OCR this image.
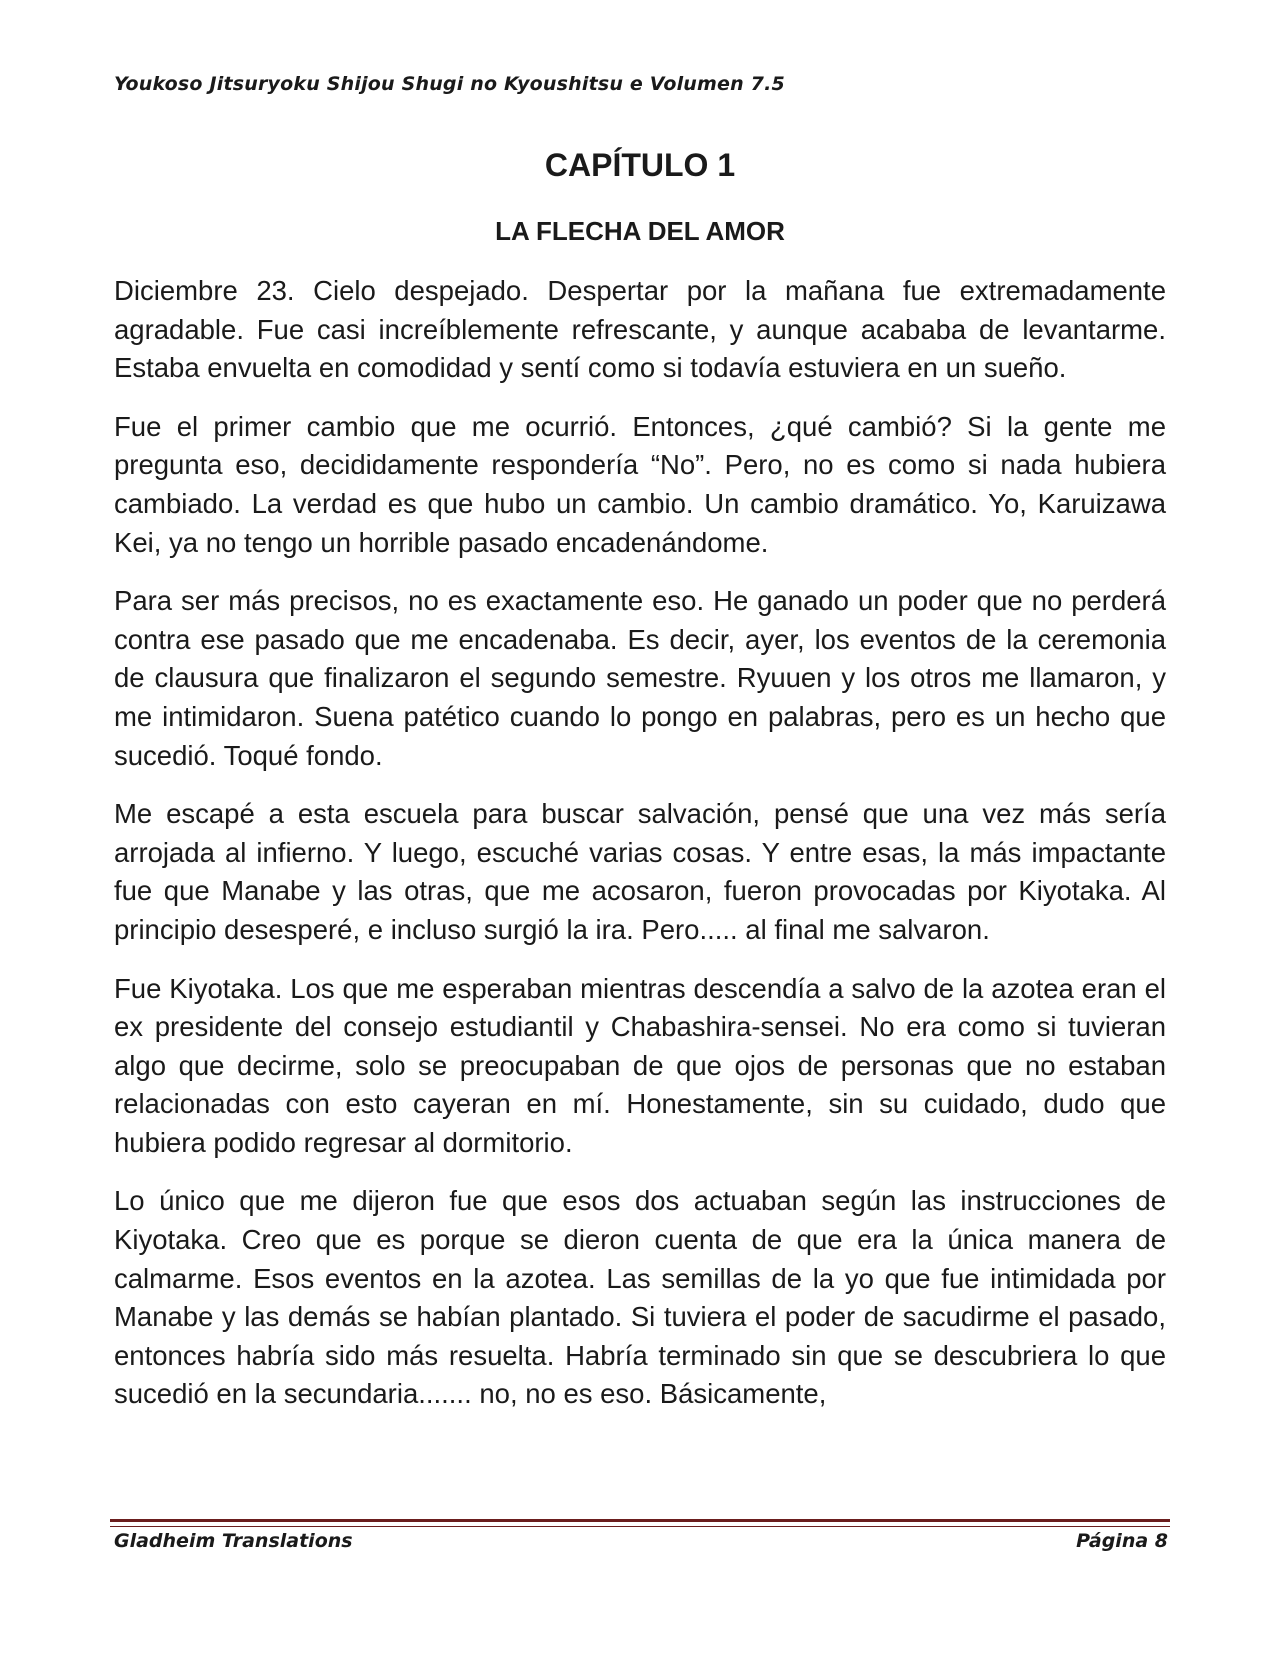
Youkoso Jitsuryoku Shijou Shugi no Kyoushitsu e Volumen 7.5
CAPÍTULO 1
LA FLECHA DEL AMOR

Diciembre 23. Cielo despejado. Despertar por la mañana fue extremadamente agradable. Fue casi increíblemente refrescante, y aunque acababa de levantarme. Estaba envuelta en comodidad y sentí como si todavía estuviera en un sueño.

Fue el primer cambio que me ocurrió. Entonces, ¿qué cambió? Si la gente me pregunta eso, decididamente respondería “No”. Pero, no es como si nada hubiera cambiado. La verdad es que hubo un cambio. Un cambio dramático. Yo, Karuizawa Kei, ya no tengo un horrible pasado encadenándome.

Para ser más precisos, no es exactamente eso. He ganado un poder que no perderá contra ese pasado que me encadenaba. Es decir, ayer, los eventos de la ceremonia de clausura que finalizaron el segundo semestre. Ryuuen y los otros me llamaron, y me intimidaron. Suena patético cuando lo pongo en palabras, pero es un hecho que sucedió. Toqué fondo.

Me escapé a esta escuela para buscar salvación, pensé que una vez más sería arrojada al infierno. Y luego, escuché varias cosas. Y entre esas, la más impactante fue que Manabe y las otras, que me acosaron, fueron provocadas por Kiyotaka. Al principio desesperé, e incluso surgió la ira. Pero..... al final me salvaron.

Fue Kiyotaka. Los que me esperaban mientras descendía a salvo de la azotea eran el ex presidente del consejo estudiantil y Chabashira-sensei. No era como si tuvieran algo que decirme, solo se preocupaban de que ojos de personas que no estaban relacionadas con esto cayeran en mí. Honestamente, sin su cuidado, dudo que hubiera podido regresar al dormitorio.

Lo único que me dijeron fue que esos dos actuaban según las instrucciones de Kiyotaka. Creo que es porque se dieron cuenta de que era la única manera de calmarme. Esos eventos en la azotea. Las semillas de la yo que fue intimidada por Manabe y las demás se habían plantado. Si tuviera el poder de sacudirme el pasado, entonces habría sido más resuelta. Habría terminado sin que se descubriera lo que sucedió en la secundaria....... no, no es eso. Básicamente,

Gladheim Translations	Página 8
